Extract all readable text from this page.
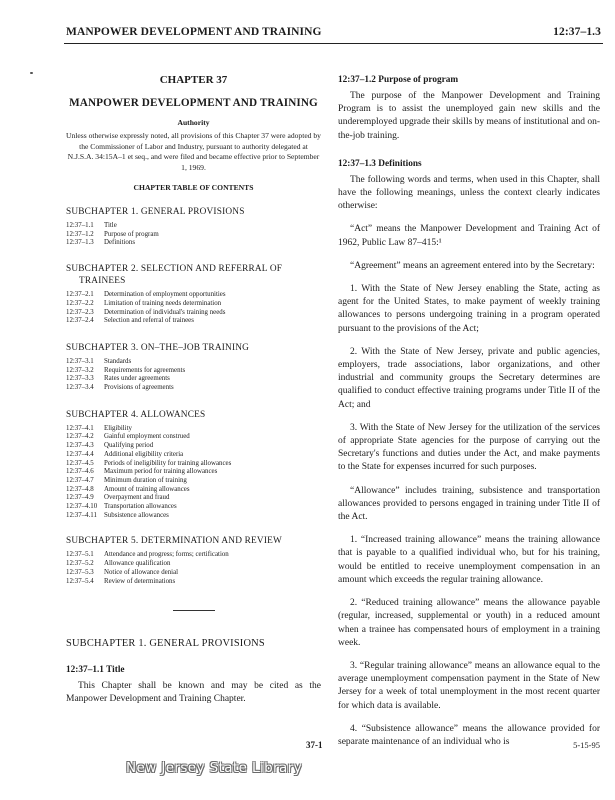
MANPOWER DEVELOPMENT AND TRAINING	12:37–1.3

CHAPTER 37

MANPOWER DEVELOPMENT AND TRAINING

Authority

Unless otherwise expressly noted, all provisions of this Chapter 37 were adopted by the Commissioner of Labor and Industry, pursuant to authority delegated at N.J.S.A. 34:15A–1 et seq., and were filed and became effective prior to September 1, 1969.

CHAPTER TABLE OF CONTENTS

SUBCHAPTER 1. GENERAL PROVISIONS

12:37–1.1 Title
12:37–1.2 Purpose of program
12:37–1.3 Definitions

SUBCHAPTER 2. SELECTION AND REFERRAL OF
TRAINEES

12:37–2.1 Determination of employment opportunities
12:37–2.2 Limitation of training needs determination
12:37–2.3 Determination of individual's training needs
12:37–2.4 Selection and referral of trainees

SUBCHAPTER 3. ON–THE–JOB TRAINING

12:37–3.1 Standards
12:37–3.2 Requirements for agreements
12:37–3.3 Rates under agreements
12:37–3.4 Provisions of agreements

SUBCHAPTER 4. ALLOWANCES

12:37–4.1 Eligibility
12:37–4.2 Gainful employment construed
12:37–4.3 Qualifying period
12:37–4.4 Additional eligibility criteria
12:37–4.5 Periods of ineligibility for training allowances
12:37–4.6 Maximum period for training allowances
12:37–4.7 Minimum duration of training
12:37–4.8 Amount of training allowances
12:37–4.9 Overpayment and fraud
12:37–4.10 Transportation allowances
12:37–4.11 Subsistence allowances

SUBCHAPTER 5. DETERMINATION AND REVIEW

12:37–5.1 Attendance and progress; forms; certification
12:37–5.2 Allowance qualification
12:37–5.3 Notice of allowance denial
12:37–5.4 Review of determinations

SUBCHAPTER 1. GENERAL PROVISIONS

12:37–1.1 Title

This Chapter shall be known and may be cited as the Manpower Development and Training Chapter.

12:37–1.2 Purpose of program

The purpose of the Manpower Development and Training Program is to assist the unemployed gain new skills and the underemployed upgrade their skills by means of institutional and on-the-job training.

12:37–1.3 Definitions

The following words and terms, when used in this Chapter, shall have the following meanings, unless the context clearly indicates otherwise:

“Act” means the Manpower Development and Training Act of 1962, Public Law 87–415:¹

“Agreement” means an agreement entered into by the Secretary:

1. With the State of New Jersey enabling the State, acting as agent for the United States, to make payment of weekly training allowances to persons undergoing training in a program operated pursuant to the provisions of the Act;

2. With the State of New Jersey, private and public agencies, employers, trade associations, labor organizations, and other industrial and community groups the Secretary determines are qualified to conduct effective training programs under Title II of the Act; and

3. With the State of New Jersey for the utilization of the services of appropriate State agencies for the purpose of carrying out the Secretary's functions and duties under the Act, and make payments to the State for expenses incurred for such purposes.

“Allowance” includes training, subsistence and transportation allowances provided to persons engaged in training under Title II of the Act.

1. “Increased training allowance” means the training allowance that is payable to a qualified individual who, but for his training, would be entitled to receive unemployment compensation in an amount which exceeds the regular training allowance.

2. “Reduced training allowance” means the allowance payable (regular, increased, supplemental or youth) in a reduced amount when a trainee has compensated hours of employment in a training week.

3. “Regular training allowance” means an allowance equal to the average unemployment compensation payment in the State of New Jersey for a week of total unemployment in the most recent quarter for which data is available.

4. “Subsistence allowance” means the allowance provided for separate maintenance of an individual who is

37-1	5-15-95
New Jersey State Library
